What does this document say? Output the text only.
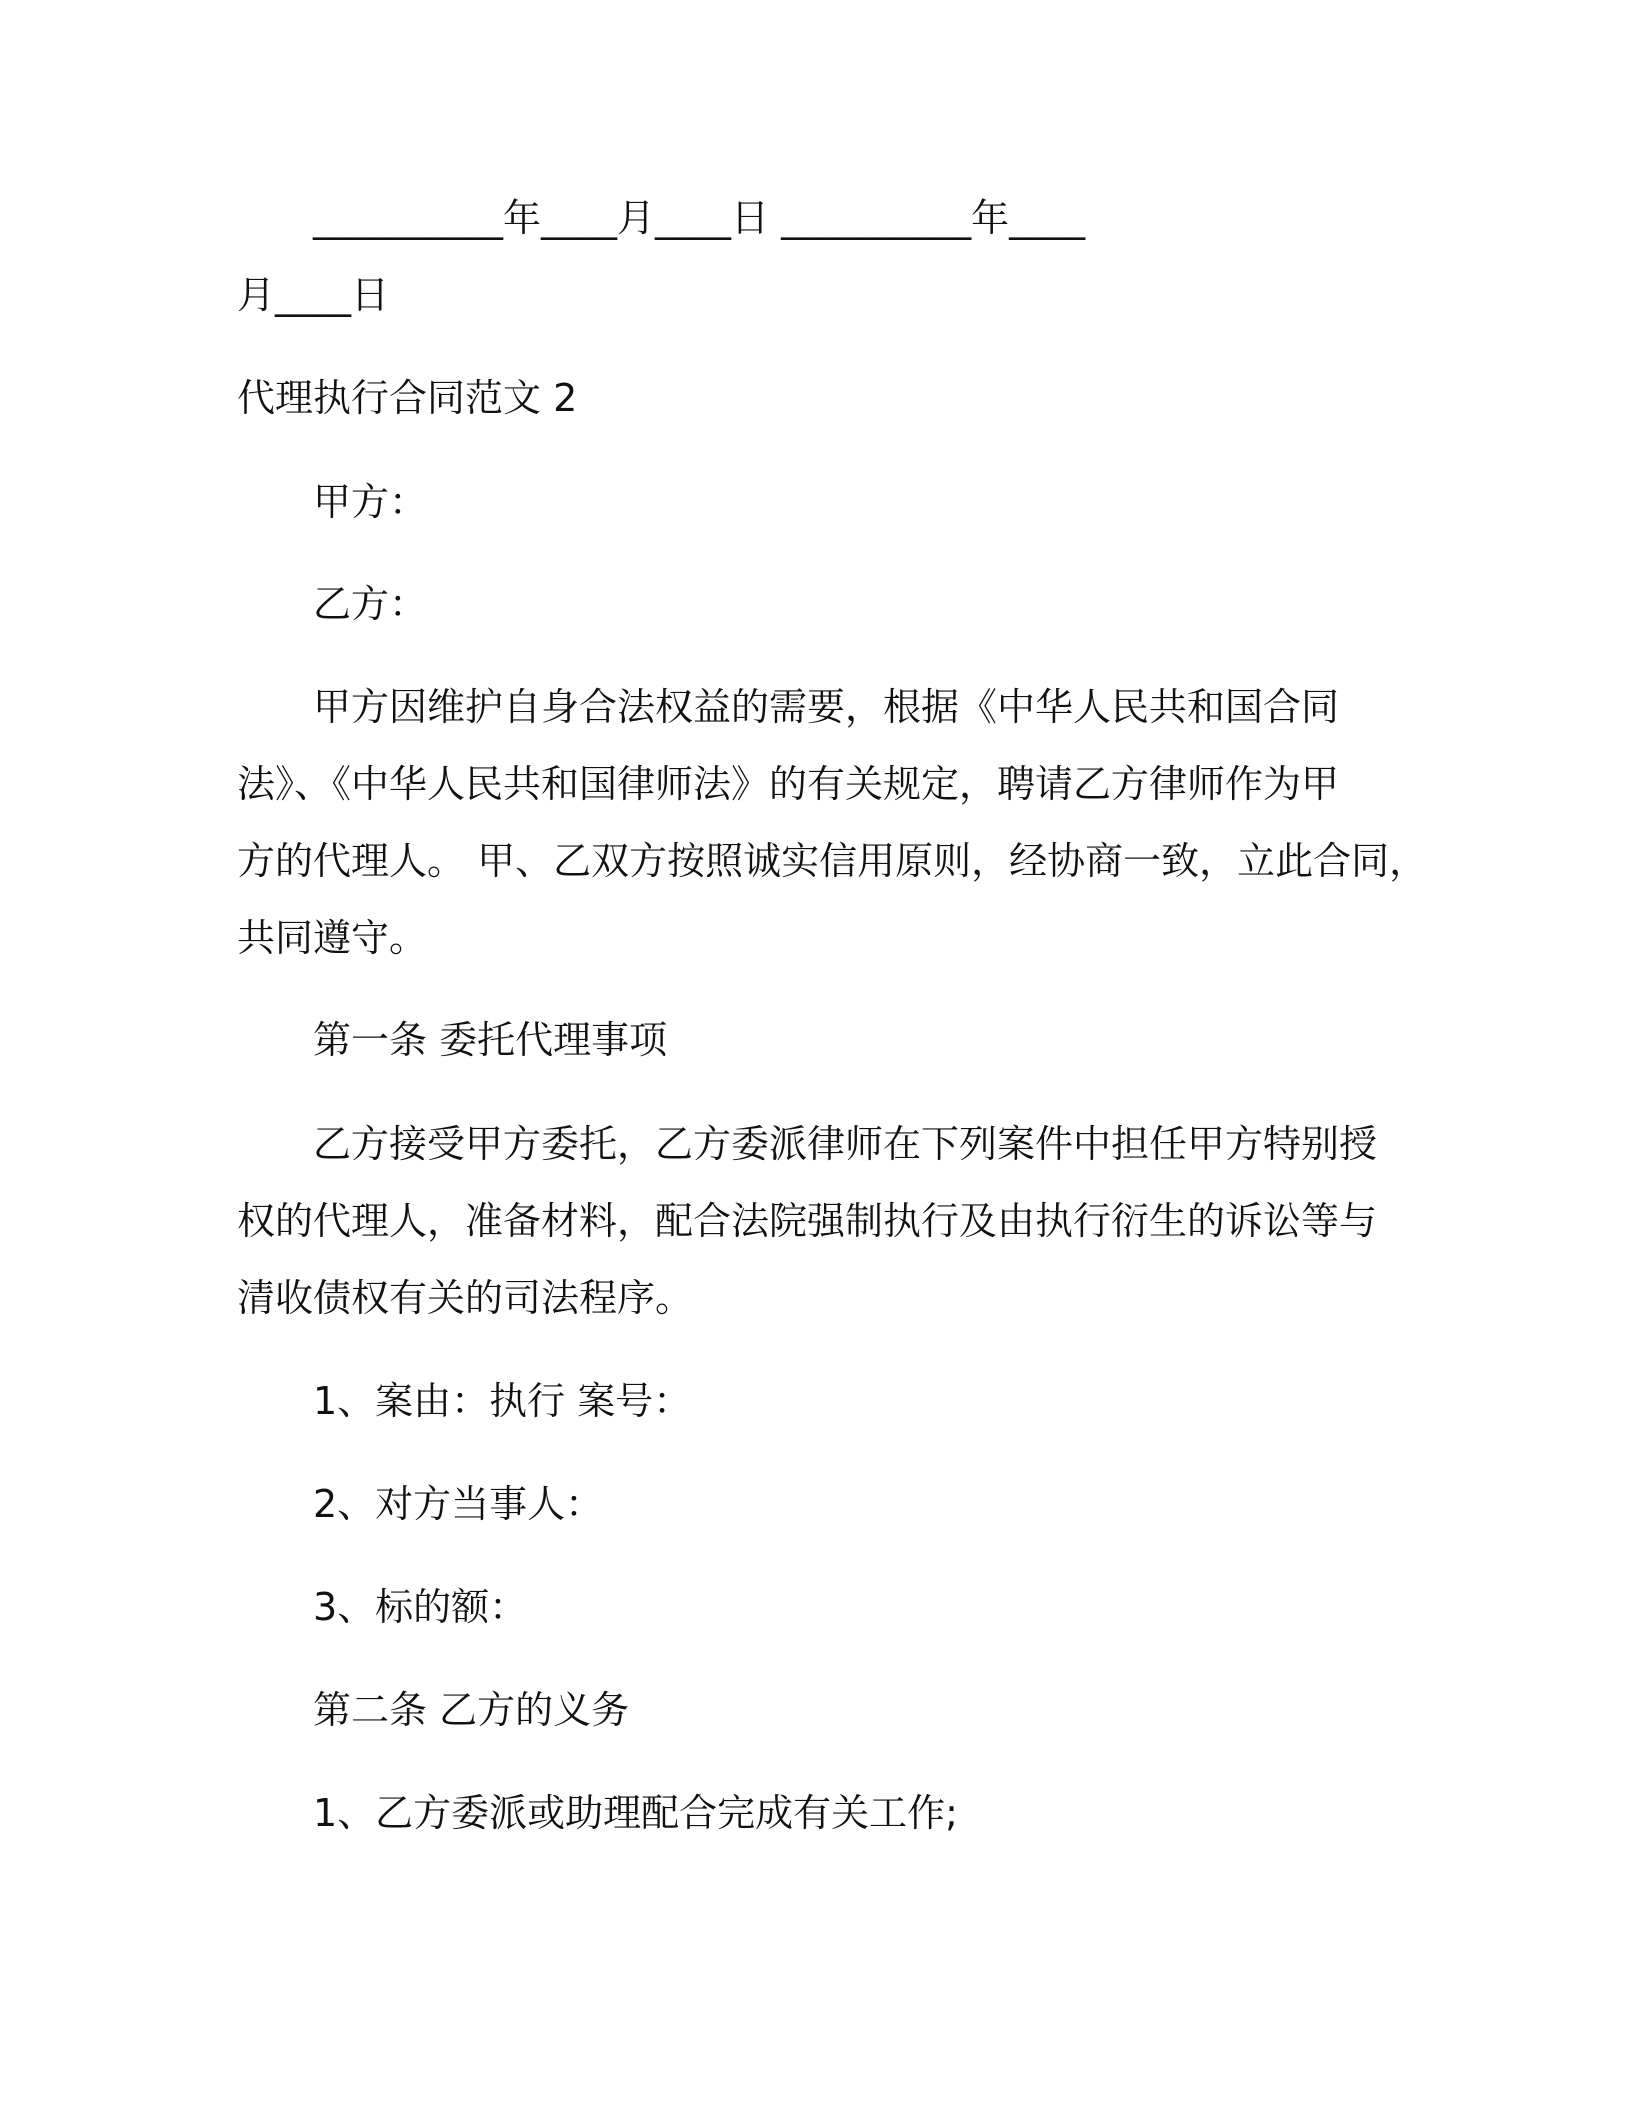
__________年____月____日 __________年____
月____日
代理执行合同范文 2
甲方：
乙方：
甲方因维护自身合法权益的需要，根据《中华人民共和国合同
法》、《中华人民共和国律师法》的有关规定，聘请乙方律师作为甲
方的代理人。 甲、乙双方按照诚实信用原则，经协商一致，立此合同，
共同遵守。
第一条 委托代理事项
乙方接受甲方委托，乙方委派律师在下列案件中担任甲方特别授
权的代理人，准备材料，配合法院强制执行及由执行衍生的诉讼等与
清收债权有关的司法程序。
1、案由：执行 案号：
2、对方当事人：
3、标的额：
第二条 乙方的义务
1、乙方委派或助理配合完成有关工作;
